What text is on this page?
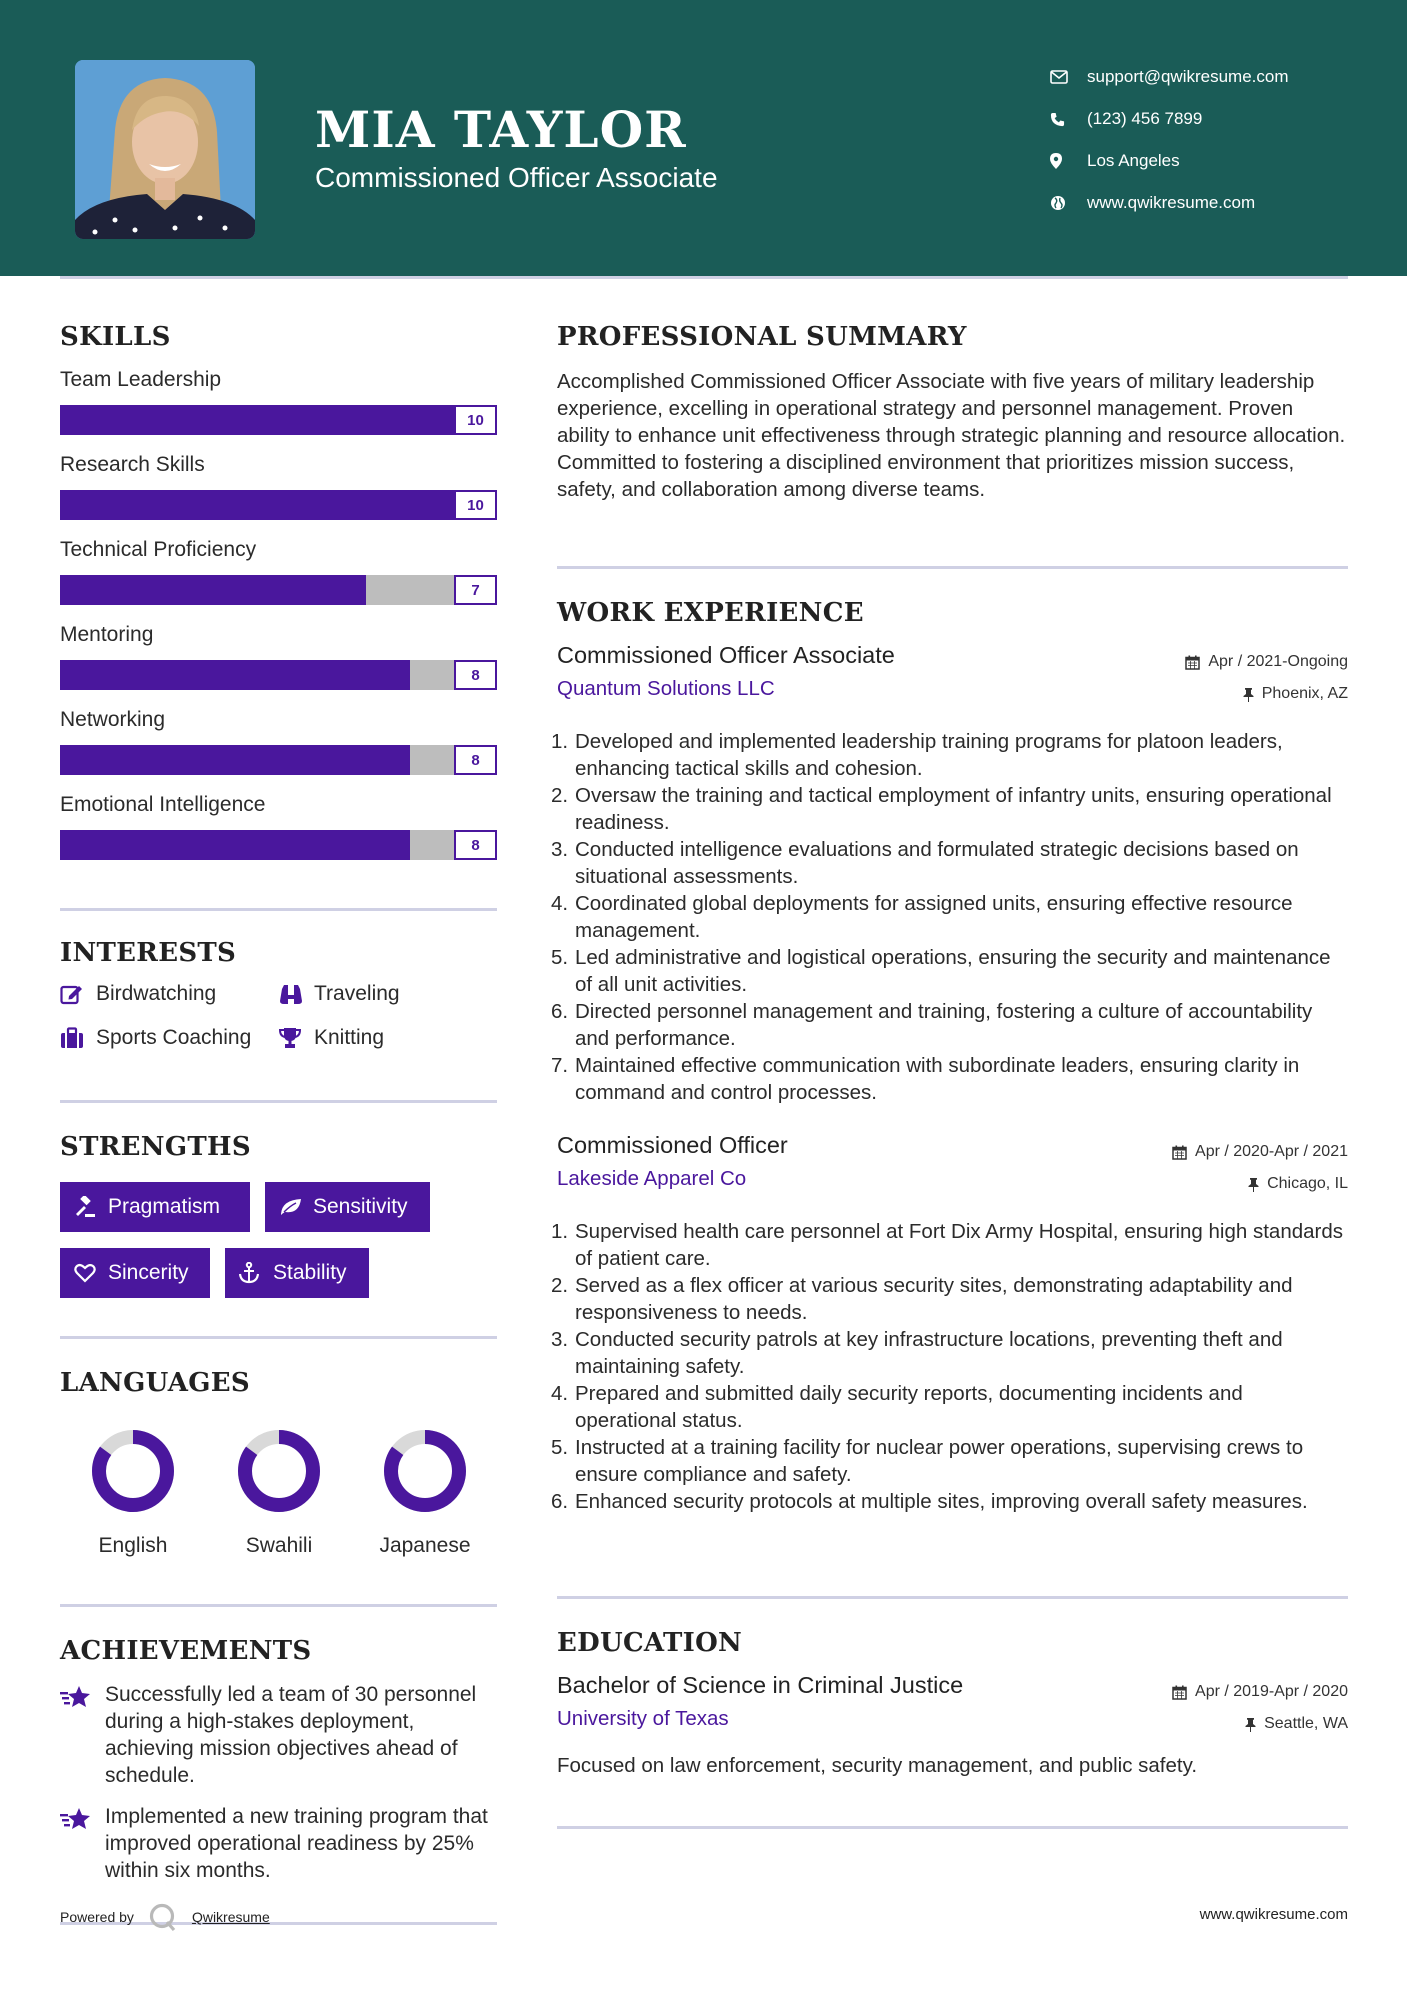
MIA TAYLOR
Commissioned Officer Associate
support@qwikresume.com
(123) 456 7899
Los Angeles
www.qwikresume.com
SKILLS
Team Leadership
10
Research Skills
10
Technical Proficiency
7
Mentoring
8
Networking
8
Emotional Intelligence
8
INTERESTS
Birdwatching	Traveling
Sports Coaching	Knitting
STRENGTHS
Pragmatism	Sensitivity
Sincerity	Stability
LANGUAGES
English	Swahili	Japanese
ACHIEVEMENTS
Successfully led a team of 30 personnel during a high-stakes deployment, achieving mission objectives ahead of schedule.
Implemented a new training program that improved operational readiness by 25% within six months.
PROFESSIONAL SUMMARY
Accomplished Commissioned Officer Associate with five years of military leadership experience, excelling in operational strategy and personnel management. Proven ability to enhance unit effectiveness through strategic planning and resource allocation. Committed to fostering a disciplined environment that prioritizes mission success, safety, and collaboration among diverse teams.
WORK EXPERIENCE
Commissioned Officer Associate
Quantum Solutions LLC
Apr / 2021-Ongoing
Phoenix, AZ
1. Developed and implemented leadership training programs for platoon leaders, enhancing tactical skills and cohesion.
2. Oversaw the training and tactical employment of infantry units, ensuring operational readiness.
3. Conducted intelligence evaluations and formulated strategic decisions based on situational assessments.
4. Coordinated global deployments for assigned units, ensuring effective resource management.
5. Led administrative and logistical operations, ensuring the security and maintenance of all unit activities.
6. Directed personnel management and training, fostering a culture of accountability and performance.
7. Maintained effective communication with subordinate leaders, ensuring clarity in command and control processes.
Commissioned Officer
Lakeside Apparel Co
Apr / 2020-Apr / 2021
Chicago, IL
1. Supervised health care personnel at Fort Dix Army Hospital, ensuring high standards of patient care.
2. Served as a flex officer at various security sites, demonstrating adaptability and responsiveness to needs.
3. Conducted security patrols at key infrastructure locations, preventing theft and maintaining safety.
4. Prepared and submitted daily security reports, documenting incidents and operational status.
5. Instructed at a training facility for nuclear power operations, supervising crews to ensure compliance and safety.
6. Enhanced security protocols at multiple sites, improving overall safety measures.
EDUCATION
Bachelor of Science in Criminal Justice
University of Texas
Apr / 2019-Apr / 2020
Seattle, WA
Focused on law enforcement, security management, and public safety.
Powered by	Qwikresume	www.qwikresume.com
